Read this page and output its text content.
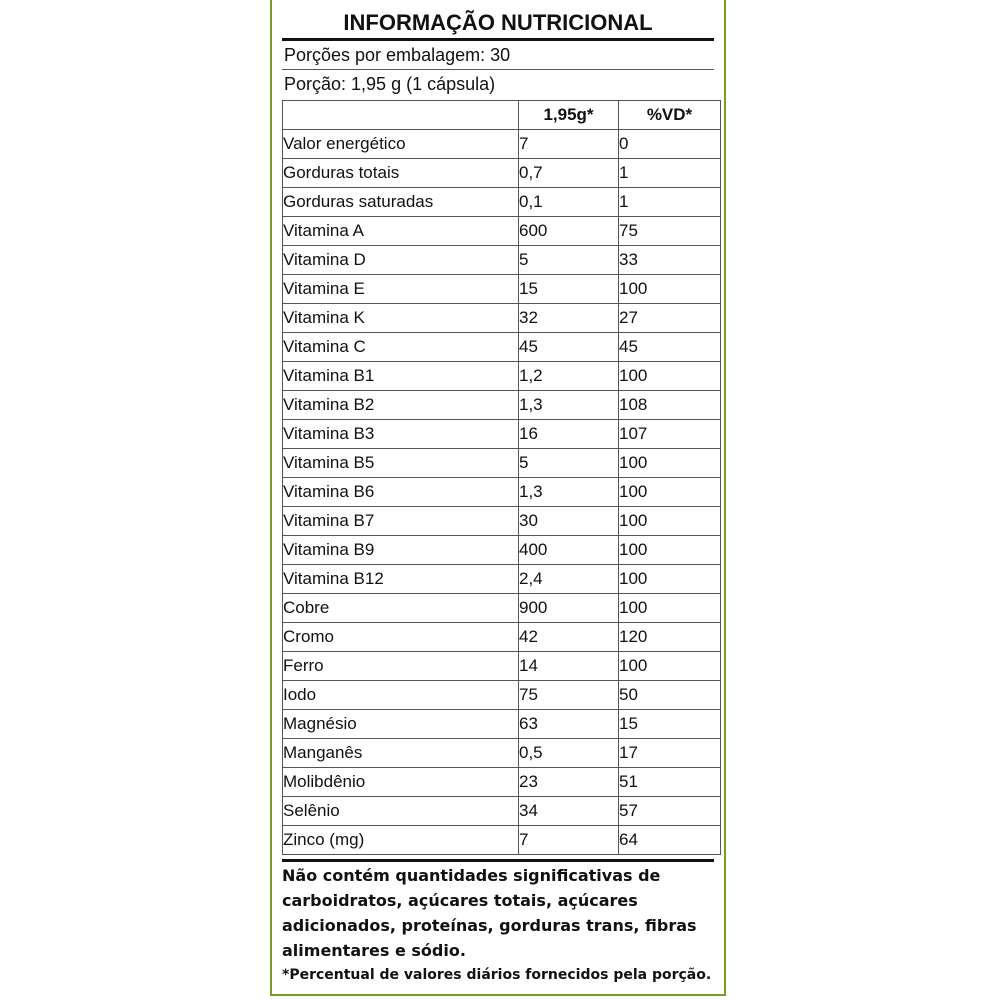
INFORMAÇÃO NUTRICIONAL
Porções por embalagem: 30
Porção: 1,95 g (1 cápsula)
	1,95g*	%VD*
Valor energético	7	0
Gorduras totais	0,7	1
Gorduras saturadas	0,1	1
Vitamina A	600	75
Vitamina D	5	33
Vitamina E	15	100
Vitamina K	32	27
Vitamina C	45	45
Vitamina B1	1,2	100
Vitamina B2	1,3	108
Vitamina B3	16	107
Vitamina B5	5	100
Vitamina B6	1,3	100
Vitamina B7	30	100
Vitamina B9	400	100
Vitamina B12	2,4	100
Cobre	900	100
Cromo	42	120
Ferro	14	100
Iodo	75	50
Magnésio	63	15
Manganês	0,5	17
Molibdênio	23	51
Selênio	34	57
Zinco (mg)	7	64
Não contém quantidades significativas de carboidratos, açúcares totais, açúcares adicionados, proteínas, gorduras trans, fibras alimentares e sódio.
*Percentual de valores diários fornecidos pela porção.
